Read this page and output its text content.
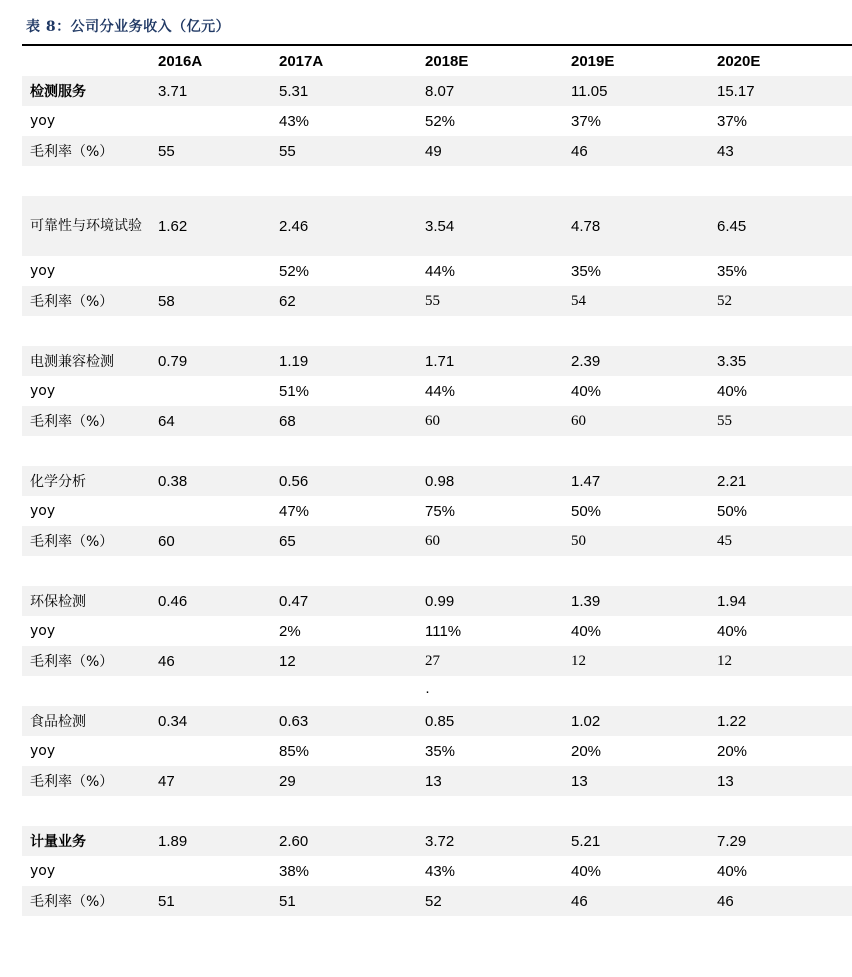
表 8：公司分业务收入（亿元）
	2016A	2017A	2018E	2019E	2020E
检测服务	3.71	5.31	8.07	11.05	15.17
yoy		43%	52%	37%	37%
毛利率（%）	55	55	49	46	43

可靠性与环境试验	1.62	2.46	3.54	4.78	6.45
yoy		52%	44%	35%	35%
毛利率（%）	58	62	55	54	52

电测兼容检测	0.79	1.19	1.71	2.39	3.35
yoy		51%	44%	40%	40%
毛利率（%）	64	68	60	60	55

化学分析	0.38	0.56	0.98	1.47	2.21
yoy		47%	75%	50%	50%
毛利率（%）	60	65	60	50	45

环保检测	0.46	0.47	0.99	1.39	1.94
yoy		2%	111%	40%	40%
毛利率（%）	46	12	27	12	12
			·		
食品检测	0.34	0.63	0.85	1.02	1.22
yoy		85%	35%	20%	20%
毛利率（%）	47	29	13	13	13

计量业务	1.89	2.60	3.72	5.21	7.29
yoy		38%	43%	40%	40%
毛利率（%）	51	51	52	46	46
